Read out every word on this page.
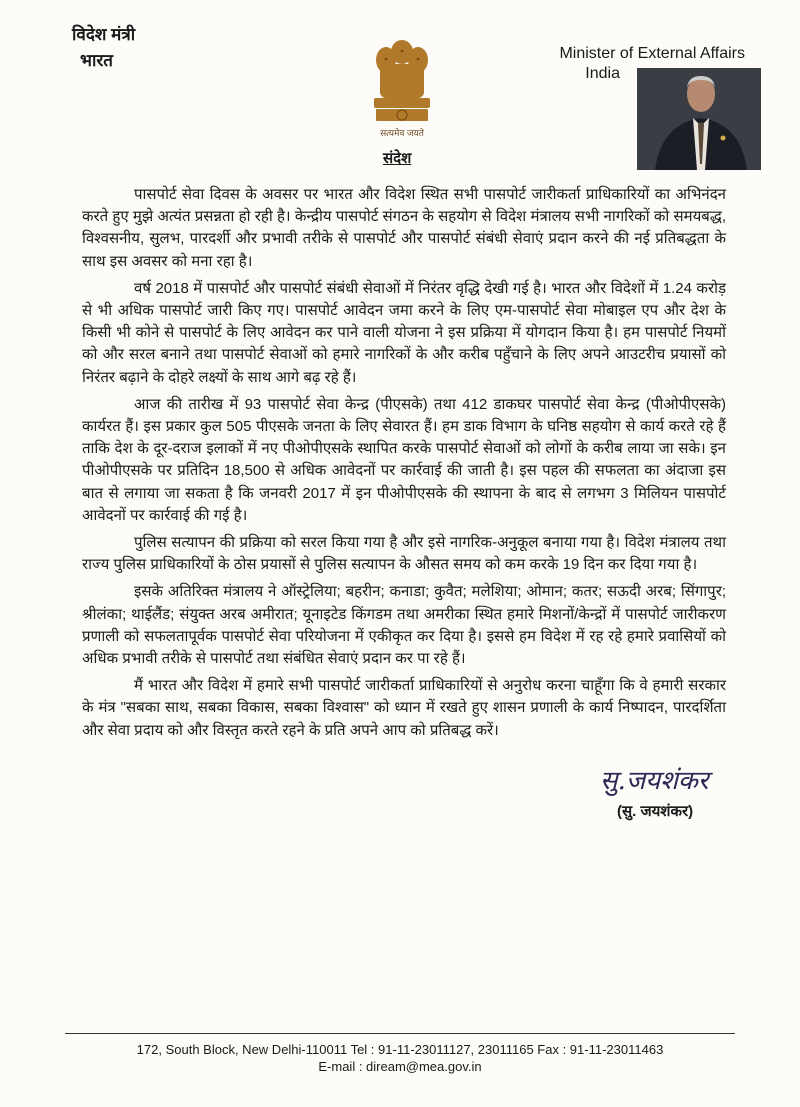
विदेश मंत्री
भारत
सत्यमेव जयते
संदेश
Minister of External Affairs
India

पासपोर्ट सेवा दिवस के अवसर पर भारत और विदेश स्थित सभी पासपोर्ट जारीकर्ता प्राधिकारियों का अभिनंदन करते हुए मुझे अत्यंत प्रसन्नता हो रही है। केन्द्रीय पासपोर्ट संगठन के सहयोग से विदेश मंत्रालय सभी नागरिकों को समयबद्ध, विश्वसनीय, सुलभ, पारदर्शी और प्रभावी तरीके से पासपोर्ट और पासपोर्ट संबंधी सेवाएं प्रदान करने की नई प्रतिबद्धता के साथ इस अवसर को मना रहा है।

वर्ष 2018 में पासपोर्ट और पासपोर्ट संबंधी सेवाओं में निरंतर वृद्धि देखी गई है। भारत और विदेशों में 1.24 करोड़ से भी अधिक पासपोर्ट जारी किए गए। पासपोर्ट आवेदन जमा करने के लिए एम-पासपोर्ट सेवा मोबाइल एप और देश के किसी भी कोने से पासपोर्ट के लिए आवेदन कर पाने वाली योजना ने इस प्रक्रिया में योगदान किया है। हम पासपोर्ट नियमों को और सरल बनाने तथा पासपोर्ट सेवाओं को हमारे नागरिकों के और करीब पहुँचाने के लिए अपने आउटरीच प्रयासों को निरंतर बढ़ाने के दोहरे लक्ष्यों के साथ आगे बढ़ रहे हैं।

आज की तारीख में 93 पासपोर्ट सेवा केन्द्र (पीएसके) तथा 412 डाकघर पासपोर्ट सेवा केन्द्र (पीओपीएसके) कार्यरत हैं। इस प्रकार कुल 505 पीएसके जनता के लिए सेवारत हैं। हम डाक विभाग के घनिष्ठ सहयोग से कार्य करते रहे हैं ताकि देश के दूर-दराज इलाकों में नए पीओपीएसके स्थापित करके पासपोर्ट सेवाओं को लोगों के करीब लाया जा सके। इन पीओपीएसके पर प्रतिदिन 18,500 से अधिक आवेदनों पर कार्रवाई की जाती है। इस पहल की सफलता का अंदाजा इस बात से लगाया जा सकता है कि जनवरी 2017 में इन पीओपीएसके की स्थापना के बाद से लगभग 3 मिलियन पासपोर्ट आवेदनों पर कार्रवाई की गई है।

पुलिस सत्यापन की प्रक्रिया को सरल किया गया है और इसे नागरिक-अनुकूल बनाया गया है। विदेश मंत्रालय तथा राज्य पुलिस प्राधिकारियों के ठोस प्रयासों से पुलिस सत्यापन के औसत समय को कम करके 19 दिन कर दिया गया है।

इसके अतिरिक्त मंत्रालय ने ऑस्ट्रेलिया; बहरीन; कनाडा; कुवैत; मलेशिया; ओमान; कतर; सऊदी अरब; सिंगापुर; श्रीलंका; थाईलैंड; संयुक्त अरब अमीरात; यूनाइटेड किंगडम तथा अमरीका स्थित हमारे मिशनों/केन्द्रों में पासपोर्ट जारीकरण प्रणाली को सफलतापूर्वक पासपोर्ट सेवा परियोजना में एकीकृत कर दिया है। इससे हम विदेश में रह रहे हमारे प्रवासियों को अधिक प्रभावी तरीके से पासपोर्ट तथा संबंधित सेवाएं प्रदान कर पा रहे हैं।

मैं भारत और विदेश में हमारे सभी पासपोर्ट जारीकर्ता प्राधिकारियों से अनुरोध करना चाहूँगा कि वे हमारी सरकार के मंत्र "सबका साथ, सबका विकास, सबका विश्वास" को ध्यान में रखते हुए शासन प्रणाली के कार्य निष्पादन, पारदर्शिता और सेवा प्रदाय को और विस्तृत करते रहने के प्रति अपने आप को प्रतिबद्ध करें।

सु.जयशंकर
(सु. जयशंकर)
172, South Block, New Delhi-110011 Tel : 91-11-23011127, 23011165 Fax : 91-11-23011463
E-mail : diream@mea.gov.in
